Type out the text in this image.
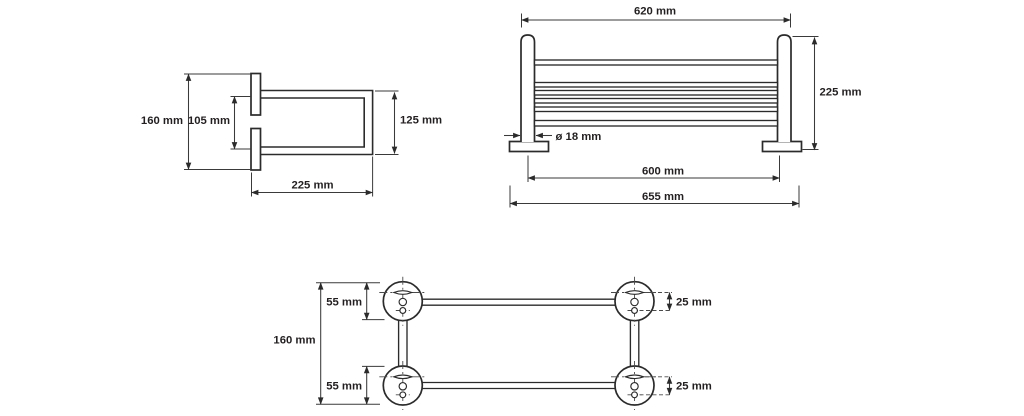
160 mm 105 mm	125 mm
225 mm
620 mm
225 mm
ø 18 mm
600 mm
655 mm
160 mm
55 mm
55 mm
25 mm
25 mm
